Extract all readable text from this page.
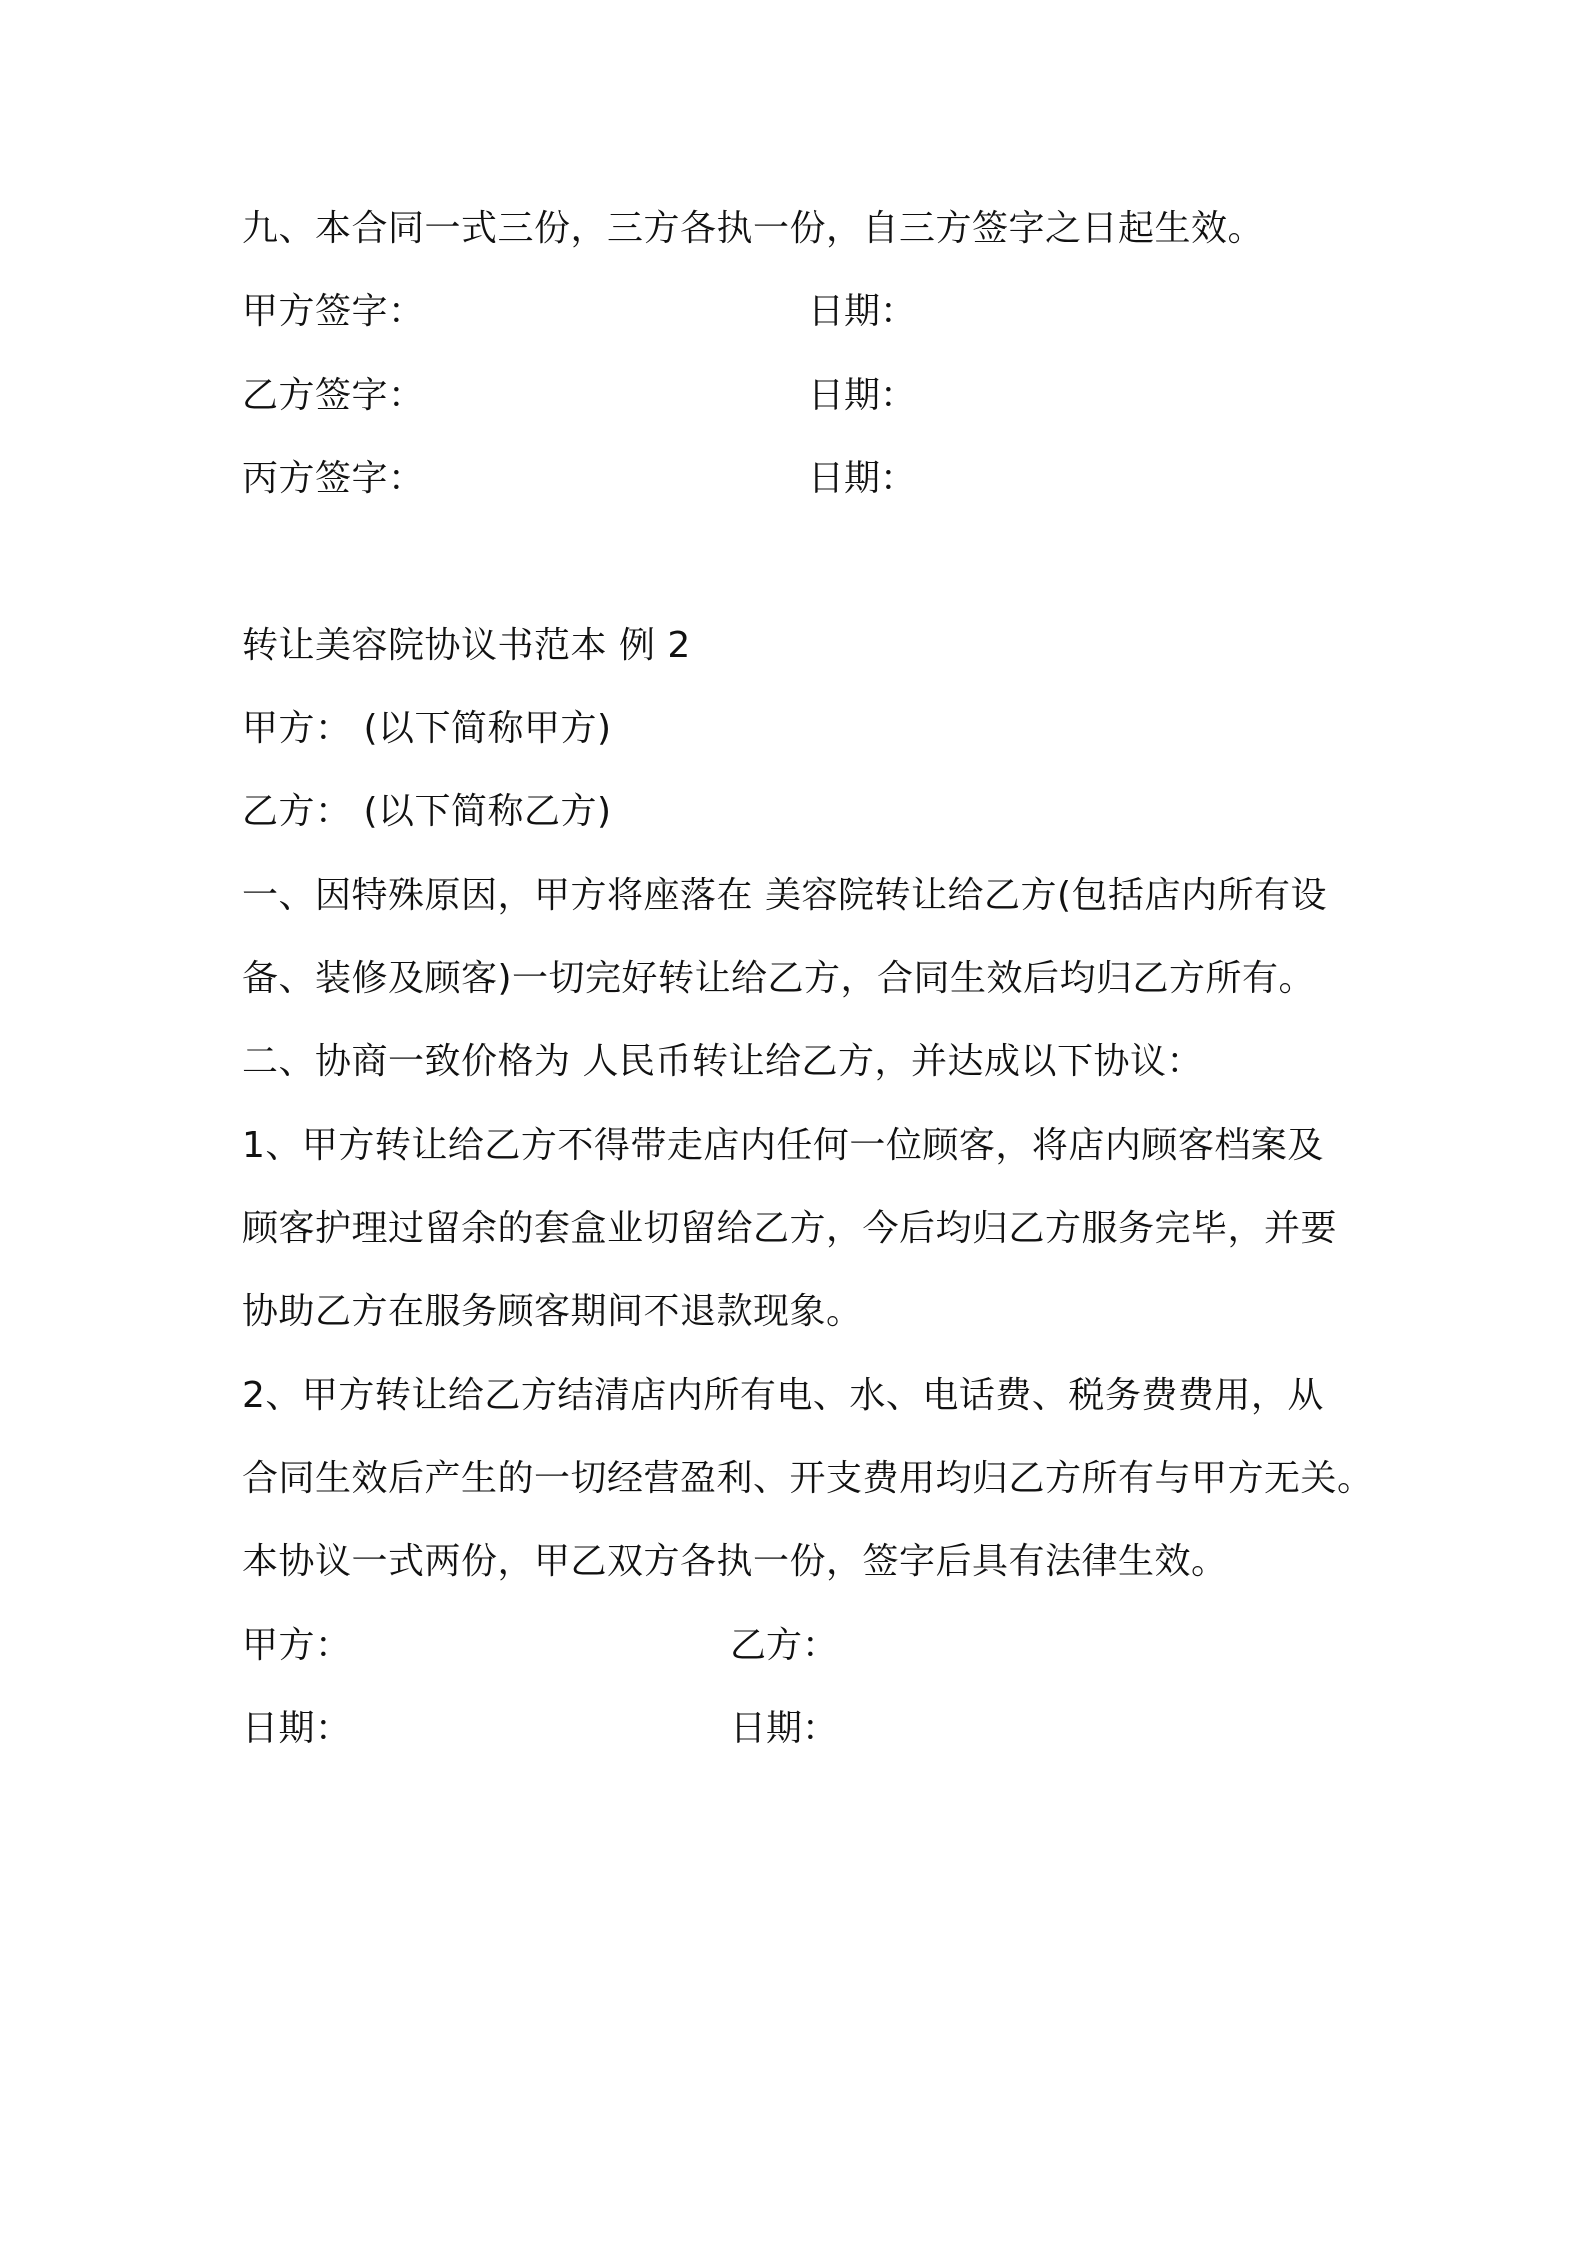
九、本合同一式三份，三方各执一份，自三方签字之日起生效。
甲方签字：	日期：
乙方签字：	日期：
丙方签字：	日期：
转让美容院协议书范本 例 2
甲方： (以下简称甲方)
乙方： (以下简称乙方)
一、因特殊原因，甲方将座落在 美容院转让给乙方(包括店内所有设
备、装修及顾客)一切完好转让给乙方，合同生效后均归乙方所有。
二、协商一致价格为 人民币转让给乙方，并达成以下协议：
1、甲方转让给乙方不得带走店内任何一位顾客，将店内顾客档案及
顾客护理过留余的套盒业切留给乙方，今后均归乙方服务完毕，并要
协助乙方在服务顾客期间不退款现象。
2、甲方转让给乙方结清店内所有电、水、电话费、税务费费用，从
合同生效后产生的一切经营盈利、开支费用均归乙方所有与甲方无关。
本协议一式两份，甲乙双方各执一份，签字后具有法律生效。
甲方：	乙方：
日期：	日期：
